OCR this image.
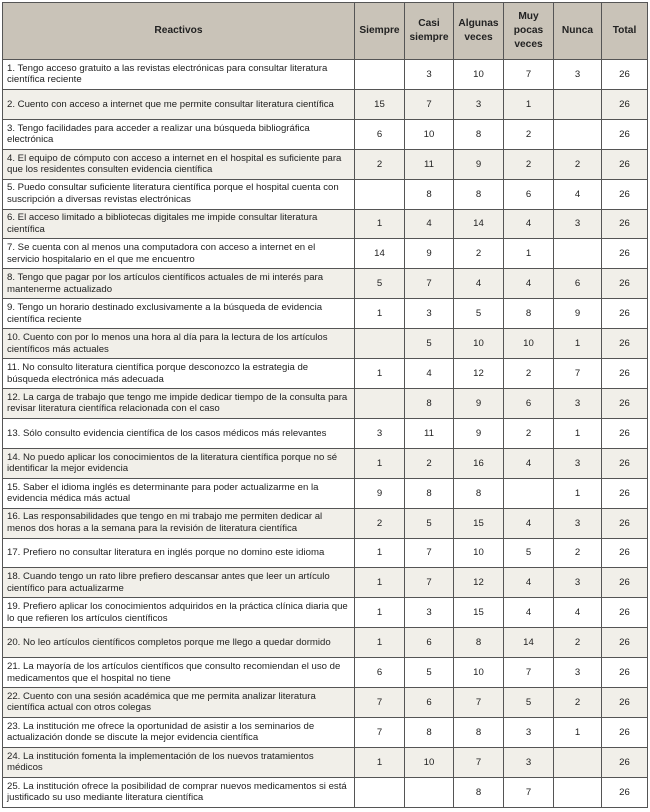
Reactivos	Siempre	Casi siempre	Algunas veces	Muy pocas veces	Nunca	Total
1. Tengo acceso gratuito a las revistas electrónicas para consultar literatura científica reciente		3	10	7	3	26
2. Cuento con acceso a internet que me permite consultar literatura científica	15	7	3	1		26
3. Tengo facilidades para acceder a realizar una búsqueda bibliográfica electrónica	6	10	8	2		26
4. El equipo de cómputo con acceso a internet en el hospital es suficiente para que los residentes consulten evidencia científica	2	11	9	2	2	26
5. Puedo consultar suficiente literatura científica porque el hospital cuenta con suscripción a diversas revistas electrónicas		8	8	6	4	26
6. El acceso limitado a bibliotecas digitales me impide consultar literatura científica	1	4	14	4	3	26
7. Se cuenta con al menos una computadora con acceso a internet en el servicio hospitalario en el que me encuentro	14	9	2	1		26
8. Tengo que pagar por los artículos científicos actuales de mi interés para mantenerme actualizado	5	7	4	4	6	26
9. Tengo un horario destinado exclusivamente a la búsqueda de evidencia científica reciente	1	3	5	8	9	26
10. Cuento con por lo menos una hora al día para la lectura de los artículos científicos más actuales		5	10	10	1	26
11. No consulto literatura científica porque desconozco la estrategia de búsqueda electrónica más adecuada	1	4	12	2	7	26
12. La carga de trabajo que tengo me impide dedicar tiempo de la consulta para revisar literatura científica relacionada con el caso		8	9	6	3	26
13. Sólo consulto evidencia científica de los casos médicos más relevantes	3	11	9	2	1	26
14. No puedo aplicar los conocimientos de la literatura científica porque no sé identificar la mejor evidencia	1	2	16	4	3	26
15. Saber el idioma inglés es determinante para poder actualizarme en la evidencia médica más actual	9	8	8		1	26
16. Las responsabilidades que tengo en mi trabajo me permiten dedicar al menos dos horas a la semana para la revisión de literatura científica	2	5	15	4	3	26
17. Prefiero no consultar literatura en inglés porque no domino este idioma	1	7	10	5	2	26
18. Cuando tengo un rato libre prefiero descansar antes que leer un artículo científico para actualizarme	1	7	12	4	3	26
19. Prefiero aplicar los conocimientos adquiridos en la práctica clínica diaria que lo que refieren los artículos científicos	1	3	15	4	4	26
20. No leo artículos científicos completos porque me llego a quedar dormido	1	6	8	14	2	26
21. La mayoría de los artículos científicos que consulto recomiendan el uso de medicamentos que el hospital no tiene	6	5	10	7	3	26
22. Cuento con una sesión académica que me permita analizar literatura científica actual con otros colegas	7	6	7	5	2	26
23. La institución me ofrece la oportunidad de asistir a los seminarios de actualización donde se discute la mejor evidencia científica	7	8	8	3	1	26
24. La institución fomenta la implementación de los nuevos tratamientos médicos	1	10	7	3		26
25. La institución ofrece la posibilidad de comprar nuevos medicamentos si está justificado su uso mediante literatura científica			8	7		26
